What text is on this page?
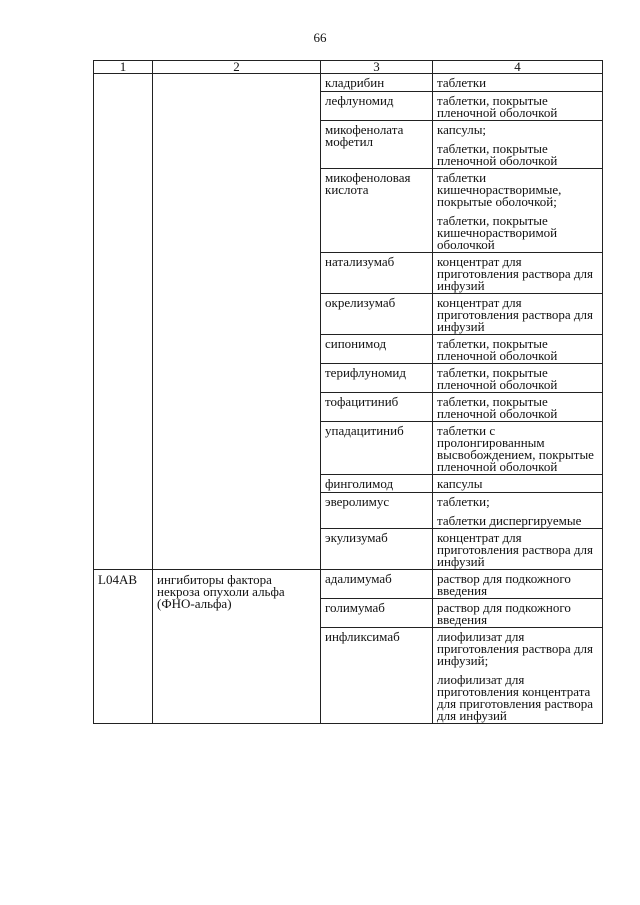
66
1	2	3	4

		кладрибин	таблетки

		лефлуномид	таблетки, покрытые пленочной оболочкой

		микофенолата мофетил	капсулы;
таблетки, покрытые пленочной оболочкой

		микофеноловая кислота	таблетки кишечнорастворимые, покрытые оболочкой;
таблетки, покрытые кишечнорастворимой оболочкой

		натализумаб	концентрат для приготовления раствора для инфузий

		окрелизумаб	концентрат для приготовления раствора для инфузий

		сипонимод	таблетки, покрытые пленочной оболочкой

		терифлуномид	таблетки, покрытые пленочной оболочкой

		тофацитиниб	таблетки, покрытые пленочной оболочкой

		упадацитиниб	таблетки с пролонгированным высвобождением, покрытые пленочной оболочкой

		финголимод	капсулы

		эверолимус	таблетки;
таблетки диспергируемые

		экулизумаб	концентрат для приготовления раствора для инфузий

L04AB	ингибиторы фактора некроза опухоли альфа (ФНО-альфа)	адалимумаб	раствор для подкожного введения

		голимумаб	раствор для подкожного введения

		инфликсимаб	лиофилизат для приготовления раствора для инфузий;
лиофилизат для приготовления концентрата для приготовления раствора для инфузий
